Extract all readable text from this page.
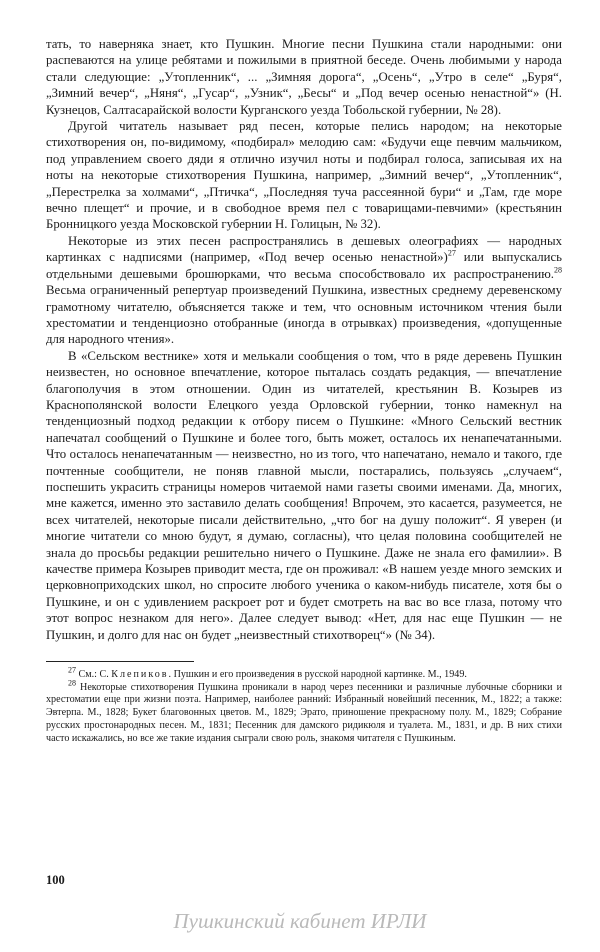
тать, то наверняка знает, кто Пушкин. Многие песни Пушкина стали народными: они распеваются на улице ребятами и пожилыми в приятной беседе. Очень любимыми у народа стали следующие: „Утопленник“, ... „Зимняя дорога“, „Осень“, „Утро в селе“ „Буря“, „Зимний вечер“, „Няня“, „Гусар“, „Узник“, „Бесы“ и „Под вечер осенью ненастной“» (Н. Кузнецов, Салтасарайской волости Курганского уезда Тобольской губернии, № 28).

Другой читатель называет ряд песен, которые пелись народом; на некоторые стихотворения он, по-видимому, «подбирал» мелодию сам: «Будучи еще певчим мальчиком, под управлением своего дяди я отлично изучил ноты и подбирал голоса, записывая их на ноты на некоторые стихотворения Пушкина, например, „Зимний вечер“, „Утопленник“, „Перестрелка за холмами“, „Птичка“, „Последняя туча рассеянной бури“ и „Там, где море вечно плещет“ и прочие, и в свободное время пел с товарищами-певчими» (крестьянин Бронницкого уезда Московской губернии Н. Голицын, № 32).

Некоторые из этих песен распространялись в дешевых олеографиях — народных картинках с надписями (например, «Под вечер осенью ненастной»)$^{27}$ или выпускались отдельными дешевыми брошюрками, что весьма способствовало их распространению.$^{28}$ Весьма ограниченный репертуар произведений Пушкина, известных среднему деревенскому грамотному читателю, объясняется также и тем, что основным источником чтения были хрестоматии и тенденциозно отобранные (иногда в отрывках) произведения, «допущенные для народного чтения».

В «Сельском вестнике» хотя и мелькали сообщения о том, что в ряде деревень Пушкин неизвестен, но основное впечатление, которое пыталась создать редакция, — впечатление благополучия в этом отношении. Один из читателей, крестьянин В. Козырев из Краснополянской волости Елецкого уезда Орловской губернии, тонко намекнул на тенденциозный подход редакции к отбору писем о Пушкине: «Много Сельский вестник напечатал сообщений о Пушкине и более того, быть может, осталось их ненапечатанными. Что осталось ненапечатанным — неизвестно, но из того, что напечатано, немало и такого, где почтенные сообщители, не поняв главной мысли, постарались, пользуясь „случаем“, поспешить украсить страницы номеров читаемой нами газеты своими именами. Да, многих, мне кажется, именно это заставило делать сообщения! Впрочем, это касается, разумеется, не всех читателей, некоторые писали действительно, „что бог на душу положит“. Я уверен (и многие читатели со мною будут, я думаю, согласны), что целая половина сообщителей не знала до просьбы редакции решительно ничего о Пушкине. Даже не знала его фамилии». В качестве примера Козырев приводит места, где он проживал: «В нашем уезде много земских и церковноприходских школ, но спросите любого ученика о каком-нибудь писателе, хотя бы о Пушкине, и он с удивлением раскроет рот и будет смотреть на вас во все глаза, потому что этот вопрос незнаком для него». Далее следует вывод: «Нет, для нас еще Пушкин — не Пушкин, и долго для нас он будет „неизвестный стихотворец“» (№ 34).

$^{27}$ См.: С. Клепиков. Пушкин и его произведения в русской народной картинке. М., 1949.

$^{28}$ Некоторые стихотворения Пушкина проникали в народ через песенники и различные лубочные сборники и хрестоматии еще при жизни поэта. Например, наиболее ранний: Избранный новейший песенник, М., 1822; а также: Эвтерпа. М., 1828; Букет благовонных цветов. М., 1829; Эрато, приношение прекрасному полу. М., 1829; Собрание русских простонародных песен. М., 1831; Песенник для дамского ридикюля и туалета. М., 1831, и др. В них стихи часто искажались, но все же такие издания сыграли свою роль, знакомя читателя с Пушкиным.

100
Пушкинский кабинет ИРЛИ
